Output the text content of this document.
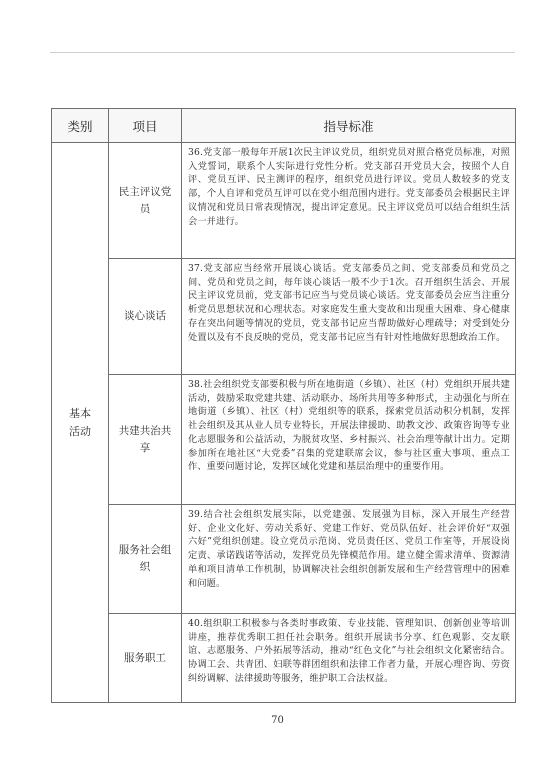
类别	项目	指导标准
基本活动	民主评议党员	36.党支部一般每年开展1次民主评议党员，组织党员对照合格党员标准，对照入党誓词，联系个人实际进行党性分析。党支部召开党员大会，按照个人自评、党员互评、民主测评的程序，组织党员进行评议。党员人数较多的党支部，个人自评和党员互评可以在党小组范围内进行。党支部委员会根据民主评议情况和党员日常表现情况，提出评定意见。民主评议党员可以结合组织生活会一并进行。

	谈心谈话	37.党支部应当经常开展谈心谈话。党支部委员之间、党支部委员和党员之间、党员和党员之间，每年谈心谈话一般不少于1次。召开组织生活会、开展民主评议党员前，党支部书记应当与党员谈心谈话。党支部委员会应当注重分析党员思想状况和心理状态。对家庭发生重大变故和出现重大困难、身心健康存在突出问题等情况的党员，党支部书记应当帮助做好心理疏导；对受到处分处置以及有不良反映的党员，党支部书记应当有针对性地做好思想政治工作。

	共建共治共享	38.社会组织党支部要积极与所在地街道（乡镇）、社区（村）党组织开展共建活动，鼓励采取党建共建、活动联办、场所共用等多种形式，主动强化与所在地街道（乡镇）、社区（村）党组织等的联系，探索党员活动积分机制，发挥社会组织及其从业人员专业特长，开展法律援助、助教文沙、政策咨询等专业化志愿服务和公益活动，为脱贫攻坚、乡村振兴、社会治理等献计出力。定期参加所在地社区“大党委”召集的党建联席会议，参与社区重大事项、重点工作、重要问题讨论，发挥区域化党建和基层治理中的重要作用。

	服务社会组织	39.结合社会组织发展实际，以党建强、发展强为目标，深入开展生产经营好、企业文化好、劳动关系好、党建工作好、党员队伍好、社会评价好“双强六好”党组织创建。设立党员示范岗、党员责任区、党员工作室等，开展设岗定责、承诺践诺等活动，发挥党员先锋模范作用。建立健全需求清单、资源清单和项目清单工作机制，协调解决社会组织创新发展和生产经营管理中的困难和问题。

	服务职工	40.组织职工积极参与各类时事政策、专业技能、管理知识、创新创业等培训讲座，推荐优秀职工担任社会职务。组织开展读书分享、红色观影、交友联谊、志愿服务、户外拓展等活动，推动“红色文化”与社会组织文化紧密结合。协调工会、共青团、妇联等群团组织和法律工作者力量，开展心理咨询、劳资纠纷调解、法律援助等服务，维护职工合法权益。

70
